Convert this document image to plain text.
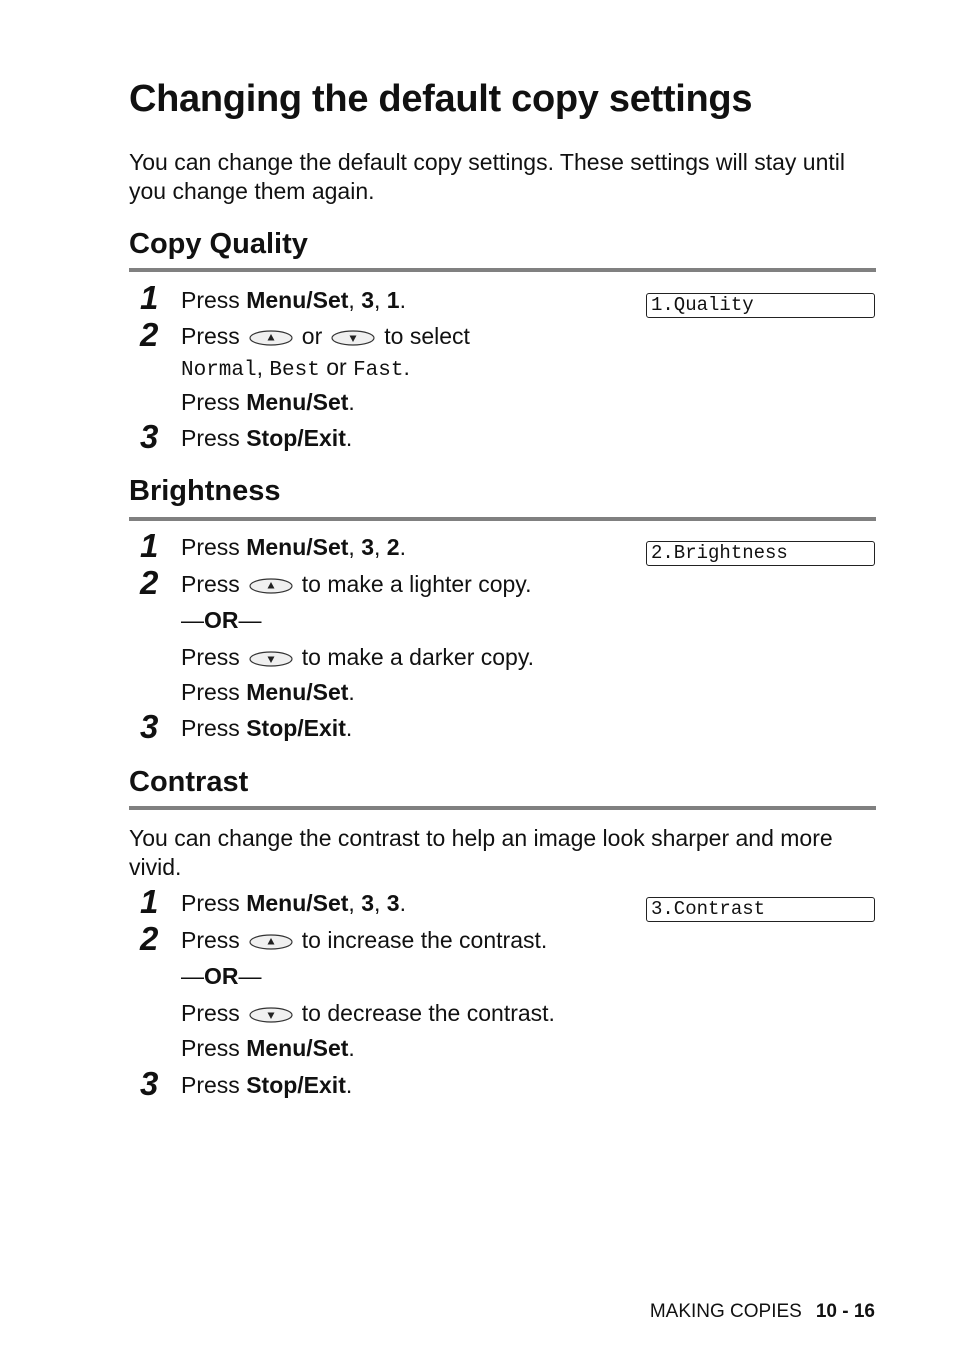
Changing the default copy settings

You can change the default copy settings. These settings will stay until you change them again.

Copy Quality
1 Press Menu/Set, 3, 1.	1.Quality
2 Press	or	to select
Normal, Best or Fast.
Press Menu/Set.
3 Press Stop/Exit.
Brightness
1 Press Menu/Set, 3, 2.	2.Brightness
2 Press	to make a lighter copy.
—OR—
Press	to make a darker copy.
Press Menu/Set.
3 Press Stop/Exit.
Contrast

You can change the contrast to help an image look sharper and more vivid.

1 Press Menu/Set, 3, 3.	3.Contrast
2 Press	to increase the contrast.
—OR—
Press	to decrease the contrast.
Press Menu/Set.
3 Press Stop/Exit.
MAKING COPIES 10 - 16
